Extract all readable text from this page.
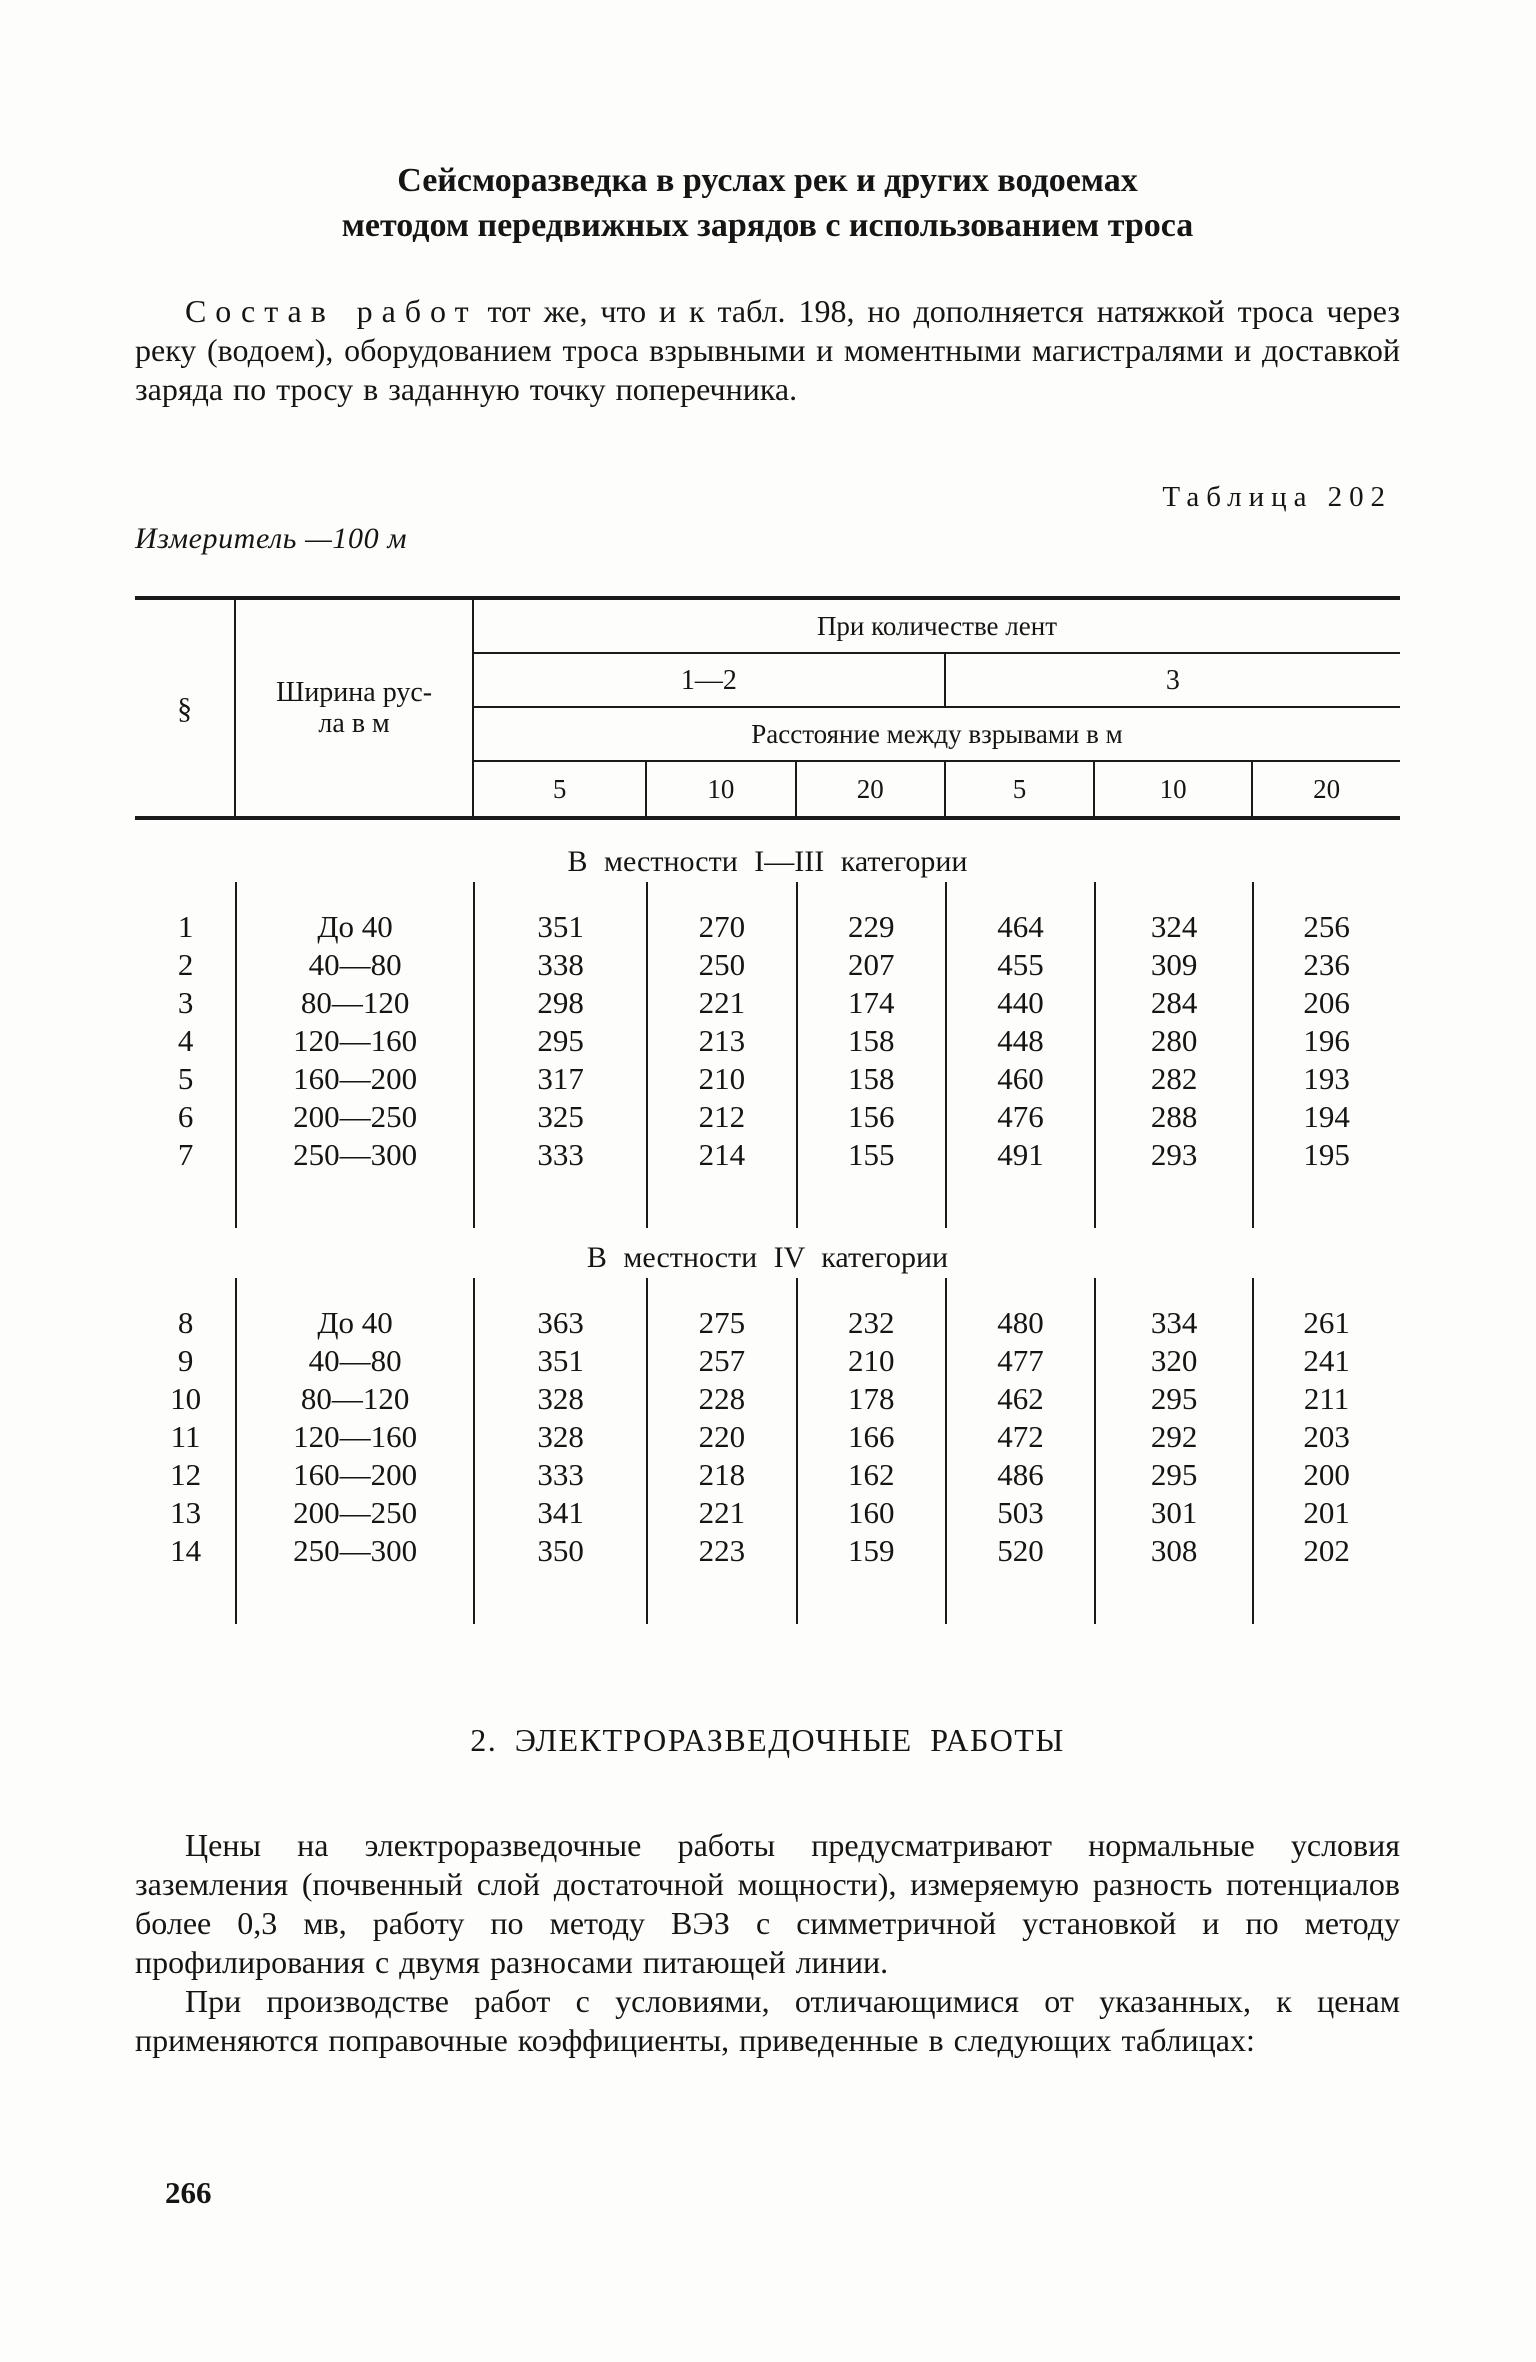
Сейсморазведка в руслах рек и других водоемах
методом передвижных зарядов с использованием троса

Состав работ тот же, что и к табл. 198, но дополняется натяжкой троса через реку (водоем), оборудованием троса взрывными и моментными магистралями и доставкой заряда по тросу в заданную точку поперечника.

Таблица 202
Измеритель —100 м
§	Ширина рус-
ла в м
При количестве лент
1—2	3
Расстояние между взрывами в м
5	10	20	5	10	20
В местности I—III категории
1	До 40	351	270	229	464	324	256
2	40—80	338	250	207	455	309	236
3	80—120	298	221	174	440	284	206
4	120—160	295	213	158	448	280	196
5	160—200	317	210	158	460	282	193
6	200—250	325	212	156	476	288	194
7	250—300	333	214	155	491	293	195
В местности IV категории
8	До 40	363	275	232	480	334	261
9	40—80	351	257	210	477	320	241
10	80—120	328	228	178	462	295	211
11	120—160	328	220	166	472	292	203
12	160—200	333	218	162	486	295	200
13	200—250	341	221	160	503	301	201
14	250—300	350	223	159	520	308	202
2. ЭЛЕКТРОРАЗВЕДОЧНЫЕ РАБОТЫ

Цены на электроразведочные работы предусматривают нормальные условия заземления (почвенный слой достаточной мощности), измеряемую разность потенциалов более 0,3 мв, работу по методу ВЭЗ с симметричной установкой и по методу профилирования с двумя разносами питающей линии.

При производстве работ с условиями, отличающимися от указанных, к ценам применяются поправочные коэффициенты, приведенные в следующих таблицах:

266
